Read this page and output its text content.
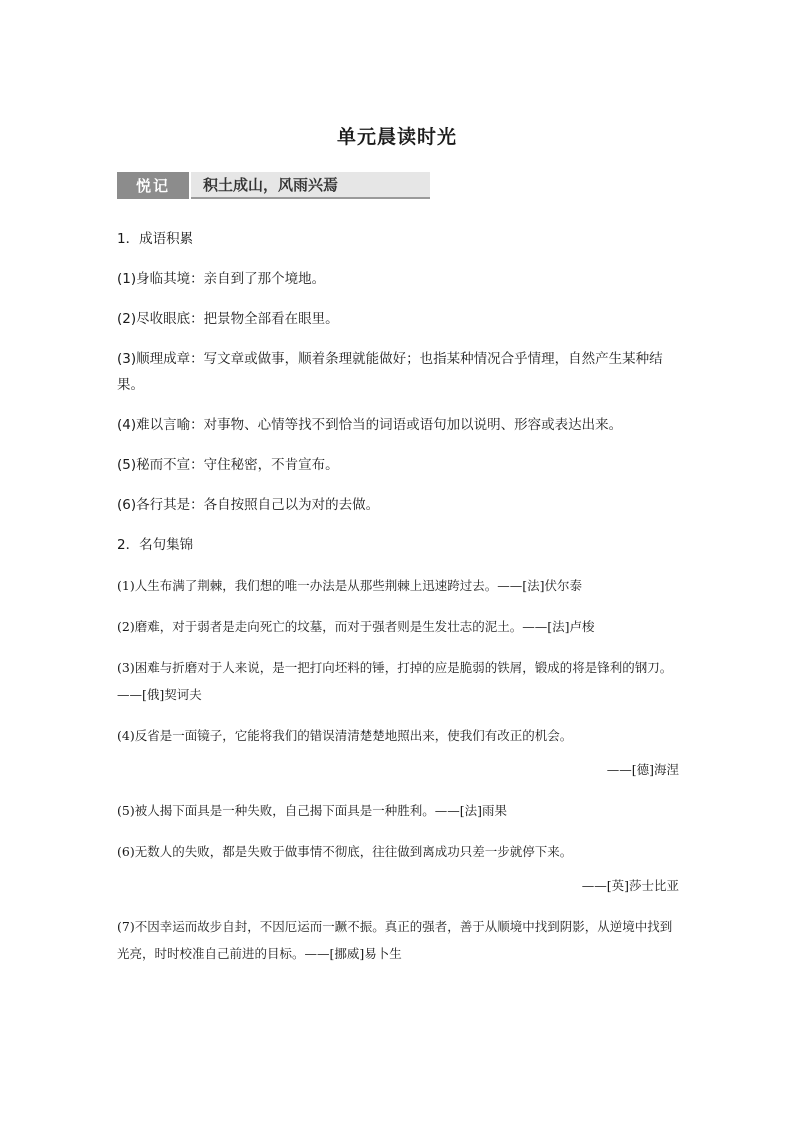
单元晨读时光
悦记	积土成山，风雨兴焉
1．成语积累
(1)身临其境：亲自到了那个境地。
(2)尽收眼底：把景物全部看在眼里。
(3)顺理成章：写文章或做事，顺着条理就能做好；也指某种情况合乎情理，自然产生某种结果。
(4)难以言喻：对事物、心情等找不到恰当的词语或语句加以说明、形容或表达出来。
(5)秘而不宣：守住秘密，不肯宣布。
(6)各行其是：各自按照自己以为对的去做。
2．名句集锦
(1)人生布满了荆棘，我们想的唯一办法是从那些荆棘上迅速跨过去。——[法]伏尔泰
(2)磨难，对于弱者是走向死亡的坟墓，而对于强者则是生发壮志的泥土。——[法]卢梭
(3)困难与折磨对于人来说，是一把打向坯料的锤，打掉的应是脆弱的铁屑，锻成的将是锋利的钢刀。——[俄]契诃夫
(4)反省是一面镜子，它能将我们的错误清清楚楚地照出来，使我们有改正的机会。
——[德]海涅
(5)被人揭下面具是一种失败，自己揭下面具是一种胜利。——[法]雨果
(6)无数人的失败，都是失败于做事情不彻底，往往做到离成功只差一步就停下来。
——[英]莎士比亚
(7)不因幸运而故步自封，不因厄运而一蹶不振。真正的强者，善于从顺境中找到阴影，从逆境中找到光亮，时时校准自己前进的目标。——[挪威]易卜生
